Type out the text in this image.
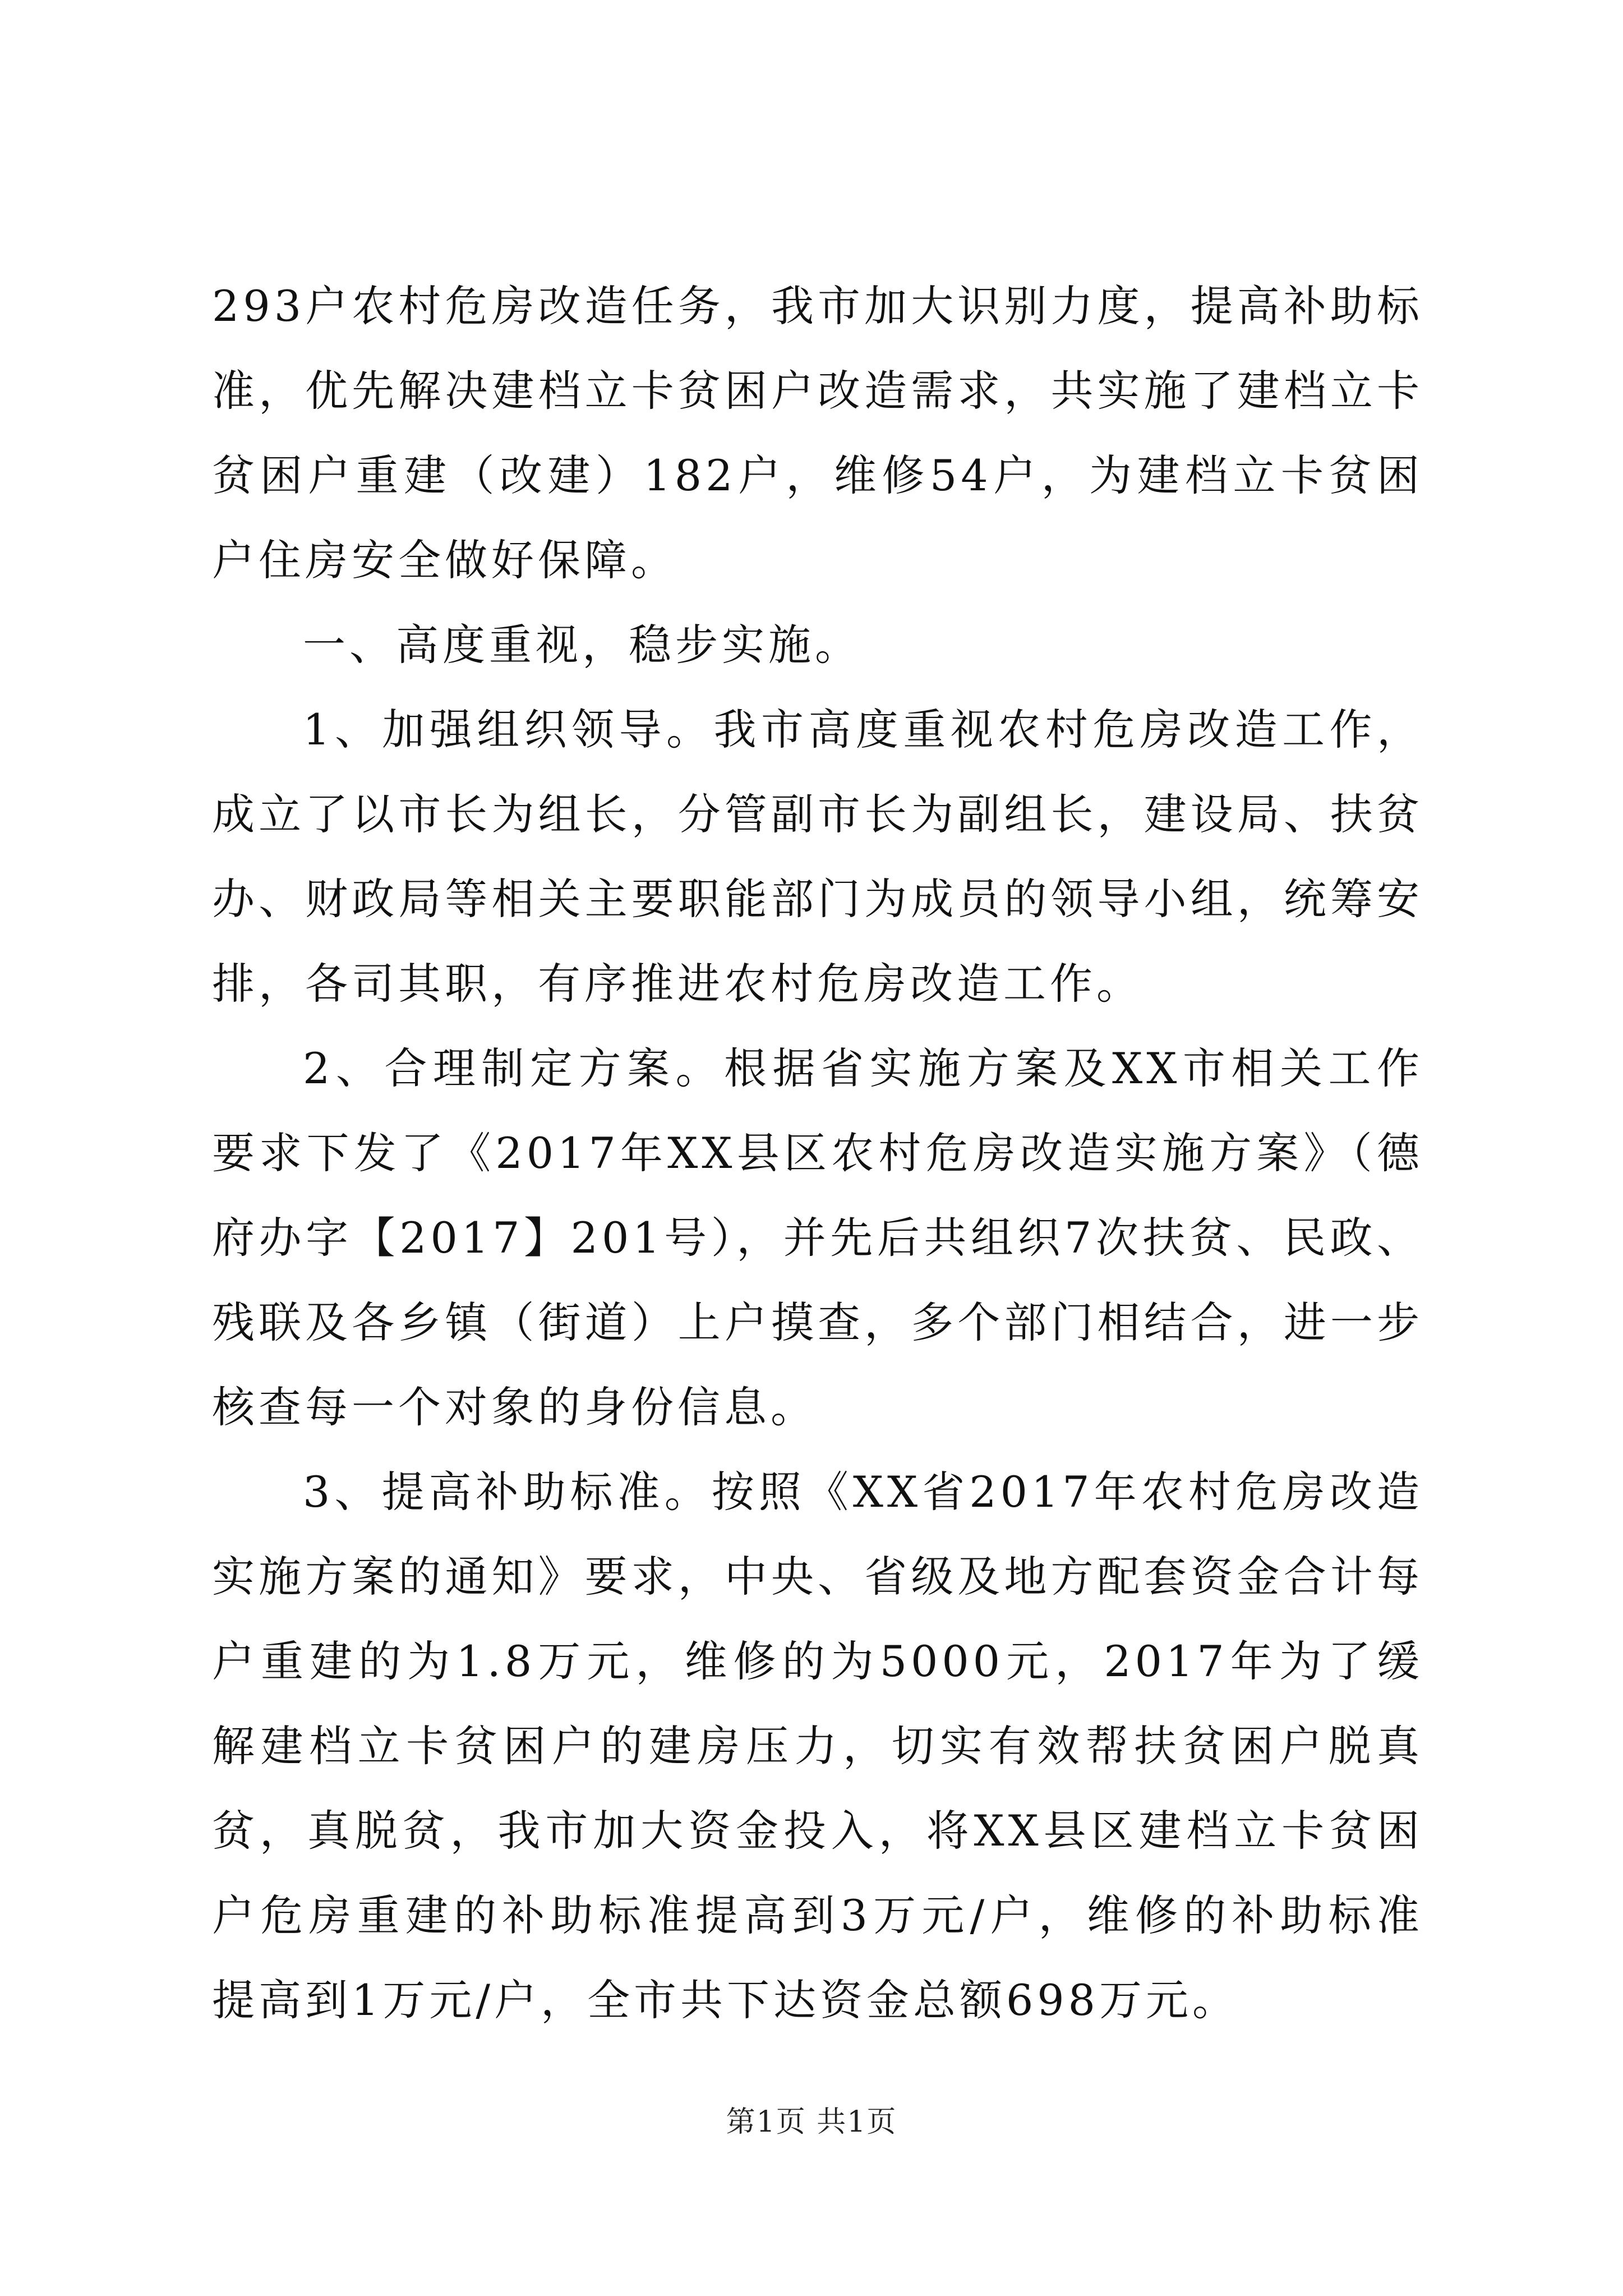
293户农村危房改造任务，我市加大识别力度，提高补助标准，优先解决建档立卡贫困户改造需求，共实施了建档立卡贫困户重建（改建）182户，维修54户，为建档立卡贫困户住房安全做好保障。

一、高度重视，稳步实施。

1、加强组织领导。我市高度重视农村危房改造工作，成立了以市长为组长，分管副市长为副组长，建设局、扶贫办、财政局等相关主要职能部门为成员的领导小组，统筹安排，各司其职，有序推进农村危房改造工作。

2、合理制定方案。根据省实施方案及XX市相关工作要求下发了《2017年XX县区农村危房改造实施方案》（德府办字【2017】201号），并先后共组织7次扶贫、民政、残联及各乡镇（街道）上户摸查，多个部门相结合，进一步核查每一个对象的身份信息。

3、提高补助标准。按照《XX省2017年农村危房改造实施方案的通知》要求，中央、省级及地方配套资金合计每户重建的为1.8万元，维修的为5000元，2017年为了缓解建档立卡贫困户的建房压力，切实有效帮扶贫困户脱真贫，真脱贫，我市加大资金投入，将XX县区建档立卡贫困户危房重建的补助标准提高到3万元/户，维修的补助标准提高到1万元/户，全市共下达资金总额698万元。

第1页 共1页
